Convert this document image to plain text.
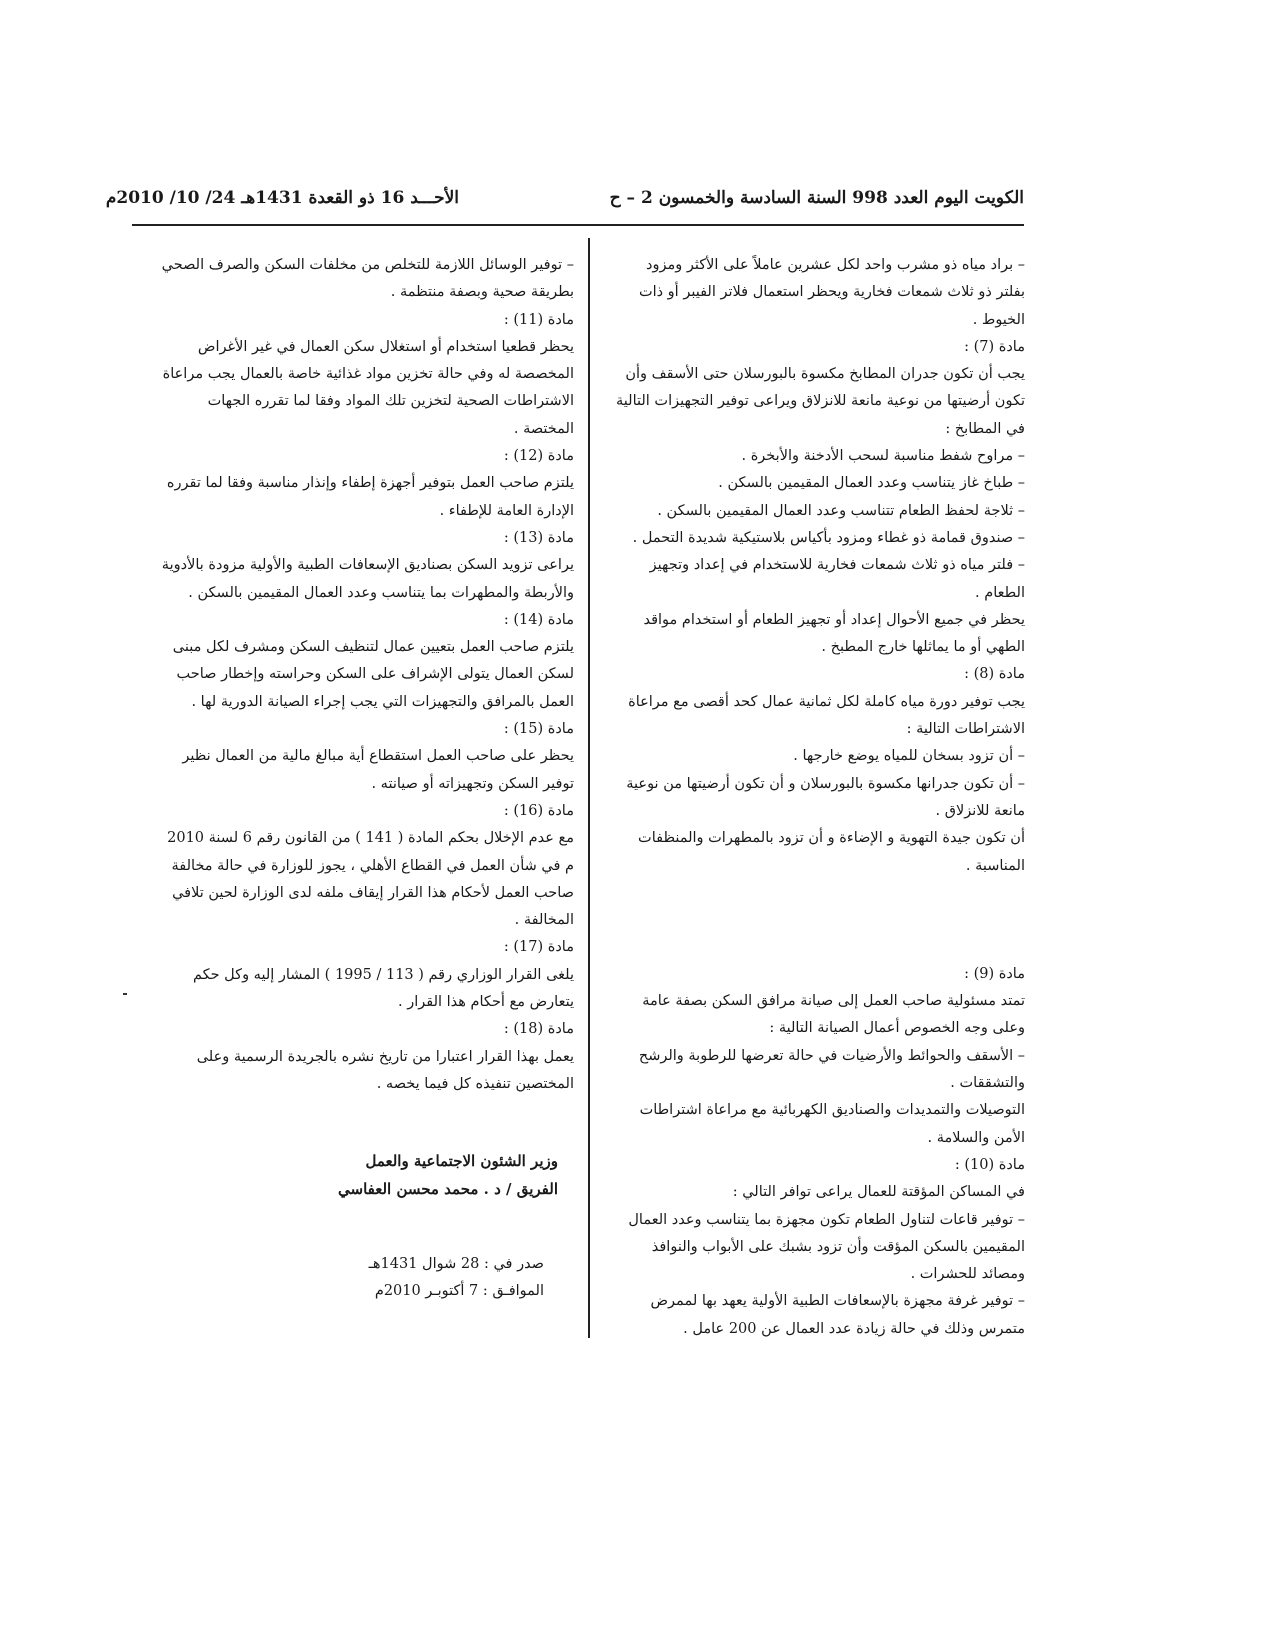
الكويت اليوم العدد 998 السنة السادسة والخمسون 2 – ح
الأحـــد 16 ذو القعدة 1431هـ 24/ 10/ 2010م

– براد مياه ذو مشرب واحد لكل عشرين عاملاً على الأكثر ومزود بفلتر ذو ثلاث شمعات فخارية ويحظر استعمال فلاتر الفيبر أو ذات الخيوط .

مادة (7) :

يجب أن تكون جدران المطابخ مكسوة بالبورسلان حتى الأسقف وأن تكون أرضيتها من نوعية مانعة للانزلاق ويراعى توفير التجهيزات التالية في المطابخ :

– مراوح شفط مناسبة لسحب الأدخنة والأبخرة .

– طباخ غاز يتناسب وعدد العمال المقيمين بالسكن .

– ثلاجة لحفظ الطعام تتناسب وعدد العمال المقيمين بالسكن .

– صندوق قمامة ذو غطاء ومزود بأكياس بلاستيكية شديدة التحمل .

– فلتر مياه ذو ثلاث شمعات فخارية للاستخدام في إعداد وتجهيز الطعام .

يحظر في جميع الأحوال إعداد أو تجهيز الطعام أو استخدام مواقد الطهي أو ما يماثلها خارج المطبخ .

مادة (8) :

يجب توفير دورة مياه كاملة لكل ثمانية عمال كحد أقصى مع مراعاة الاشتراطات التالية :

– أن تزود بسخان للمياه يوضع خارجها .

– أن تكون جدرانها مكسوة بالبورسلان و أن تكون أرضيتها من نوعية مانعة للانزلاق .

أن تكون جيدة التهوية و الإضاءة و أن تزود بالمطهرات والمنظفات المناسبة .

مادة (9) :

تمتد مسئولية صاحب العمل إلى صيانة مرافق السكن بصفة عامة وعلى وجه الخصوص أعمال الصيانة التالية :

– الأسقف والحوائط والأرضيات في حالة تعرضها للرطوبة والرشح والتشققات .

التوصيلات والتمديدات والصناديق الكهربائية مع مراعاة اشتراطات الأمن والسلامة .

مادة (10) :

في المساكن المؤقتة للعمال يراعى توافر التالي :

– توفير قاعات لتناول الطعام تكون مجهزة بما يتناسب وعدد العمال المقيمين بالسكن المؤقت وأن تزود بشبك على الأبواب والنوافذ ومصائد للحشرات .

– توفير غرفة مجهزة بالإسعافات الطبية الأولية يعهد بها لممرض متمرس وذلك في حالة زيادة عدد العمال عن 200 عامل .

– توفير الوسائل اللازمة للتخلص من مخلفات السكن والصرف الصحي بطريقة صحية وبصفة منتظمة .

مادة (11) :

يحظر قطعيا استخدام أو استغلال سكن العمال في غير الأغراض المخصصة له وفي حالة تخزين مواد غذائية خاصة بالعمال يجب مراعاة الاشتراطات الصحية لتخزين تلك المواد وفقا لما تقرره الجهات المختصة .

مادة (12) :

يلتزم صاحب العمل بتوفير أجهزة إطفاء وإنذار مناسبة وفقا لما تقرره الإدارة العامة للإطفاء .

مادة (13) :

يراعى تزويد السكن بصناديق الإسعافات الطبية والأولية مزودة بالأدوية والأربطة والمطهرات بما يتناسب وعدد العمال المقيمين بالسكن .

مادة (14) :

يلتزم صاحب العمل بتعيين عمال لتنظيف السكن ومشرف لكل مبنى لسكن العمال يتولى الإشراف على السكن وحراسته وإخطار صاحب العمل بالمرافق والتجهيزات التي يجب إجراء الصيانة الدورية لها .

مادة (15) :

يحظر على صاحب العمل استقطاع أية مبالغ مالية من العمال نظير توفير السكن وتجهيزاته أو صيانته .

مادة (16) :

مع عدم الإخلال بحكم المادة ( 141 ) من القانون رقم 6 لسنة 2010 م في شأن العمل في القطاع الأهلي ، يجوز للوزارة في حالة مخالفة صاحب العمل لأحكام هذا القرار إيقاف ملفه لدى الوزارة لحين تلافي المخالفة .

مادة (17) :

يلغى القرار الوزاري رقم ( 113 / 1995 ) المشار إليه وكل حكم يتعارض مع أحكام هذا القرار .

مادة (18) :

يعمل بهذا القرار اعتبارا من تاريخ نشره بالجريدة الرسمية وعلى المختصين تنفيذه كل فيما يخصه .

وزير الشئون الاجتماعية والعمل

الفريق / د . محمد محسن العفاسي

صدر في : 28 شوال 1431هـ

الموافـق : 7 أكتوبـر 2010م
